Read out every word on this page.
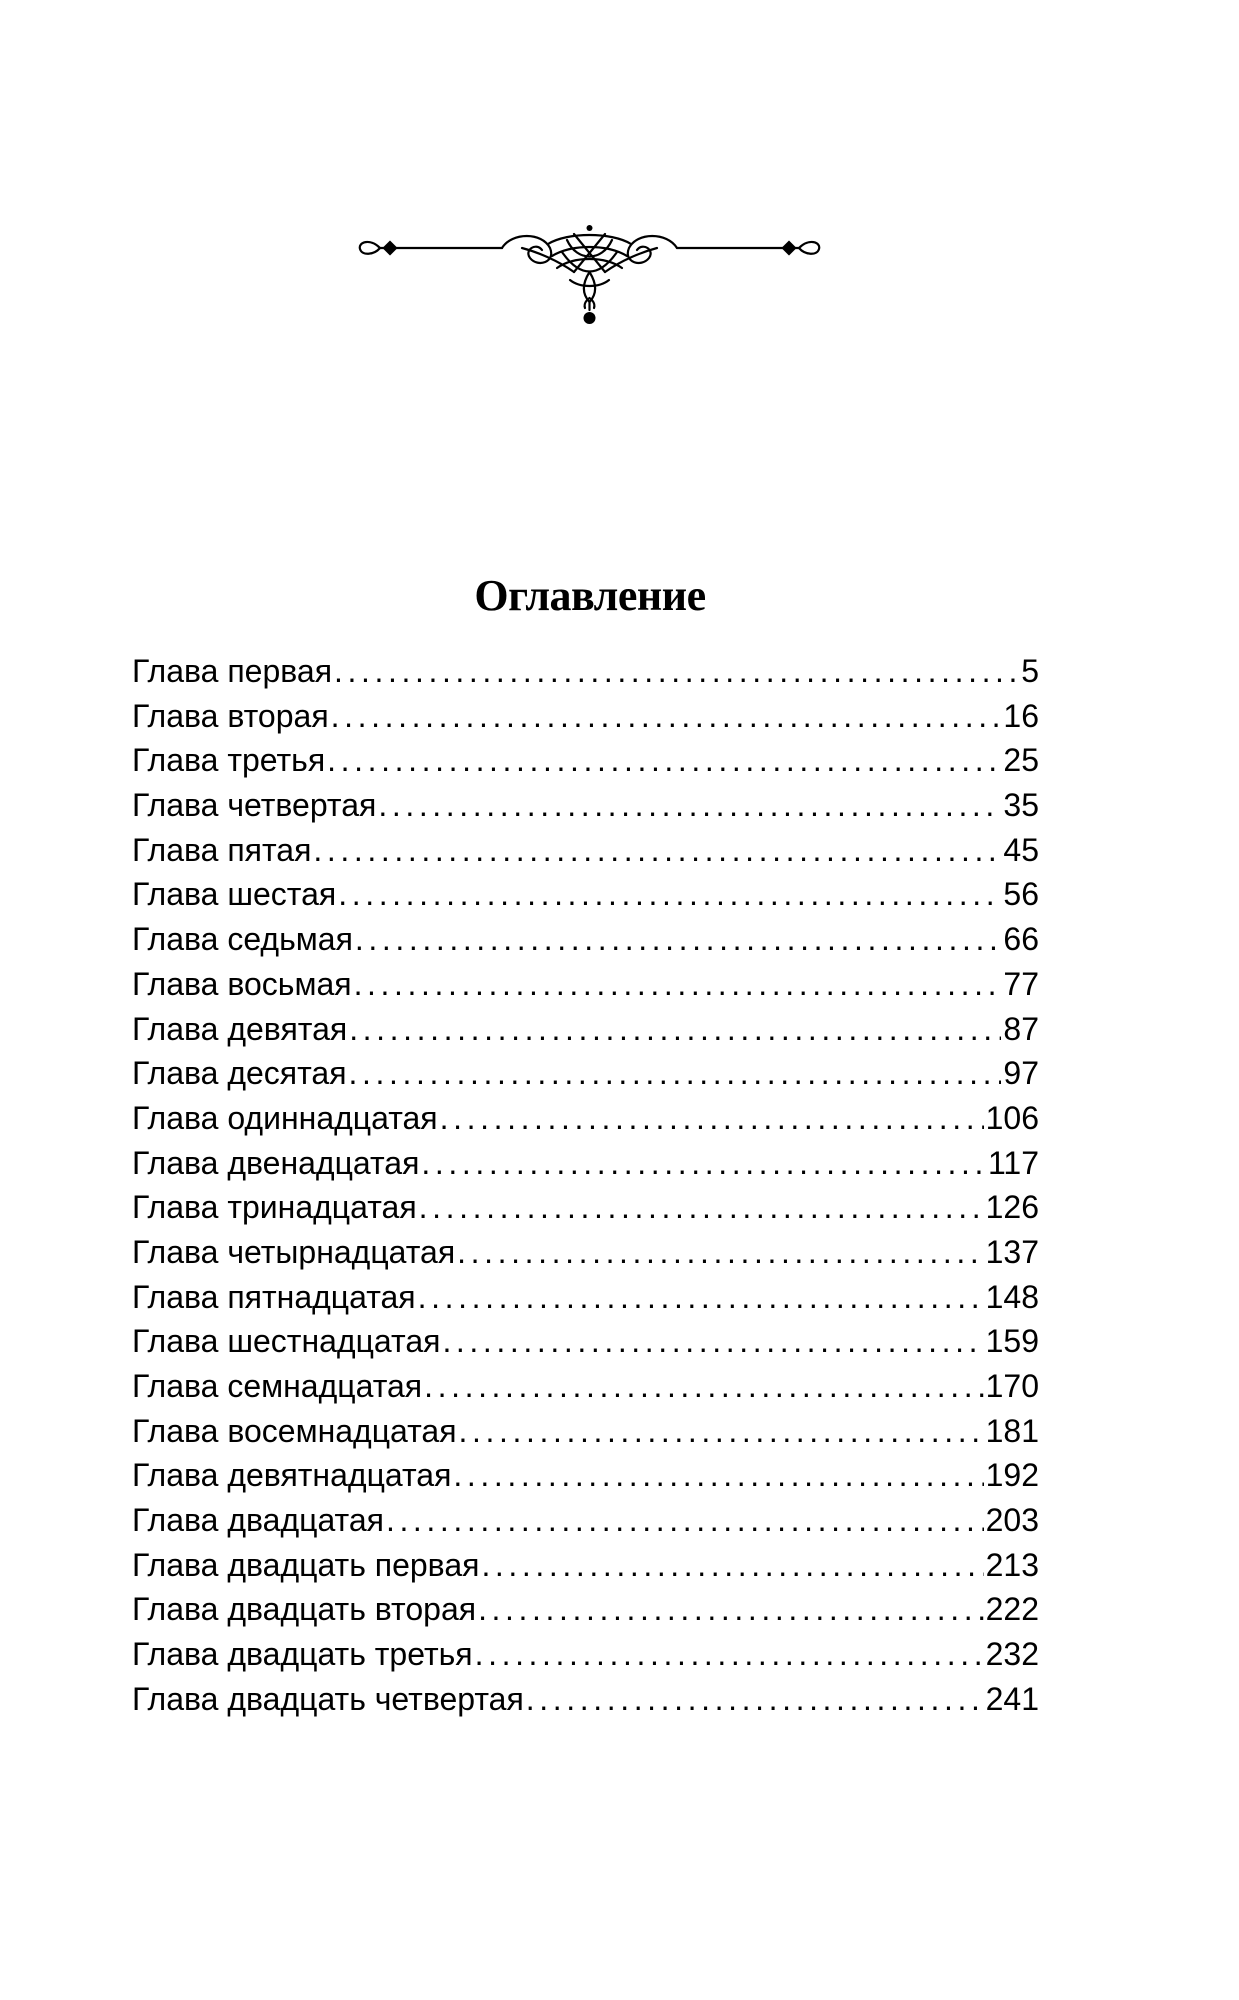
Оглавление
Глава первая .....	5
Глава вторая .....	16
Глава третья .....	25
Глава четвертая .....	35
Глава пятая .....	45
Глава шестая .....	56
Глава седьмая .....	66
Глава восьмая .....	77
Глава девятая .....	87
Глава десятая .....	97
Глава одиннадцатая .....	106
Глава двенадцатая .....	117
Глава тринадцатая .....	126
Глава четырнадцатая .....	137
Глава пятнадцатая .....	148
Глава шестнадцатая .....	159
Глава семнадцатая .....	170
Глава восемнадцатая .....	181
Глава девятнадцатая .....	192
Глава двадцатая .....	203
Глава двадцать первая .....	213
Глава двадцать вторая .....	222
Глава двадцать третья .....	232
Глава двадцать четвертая .....	241
